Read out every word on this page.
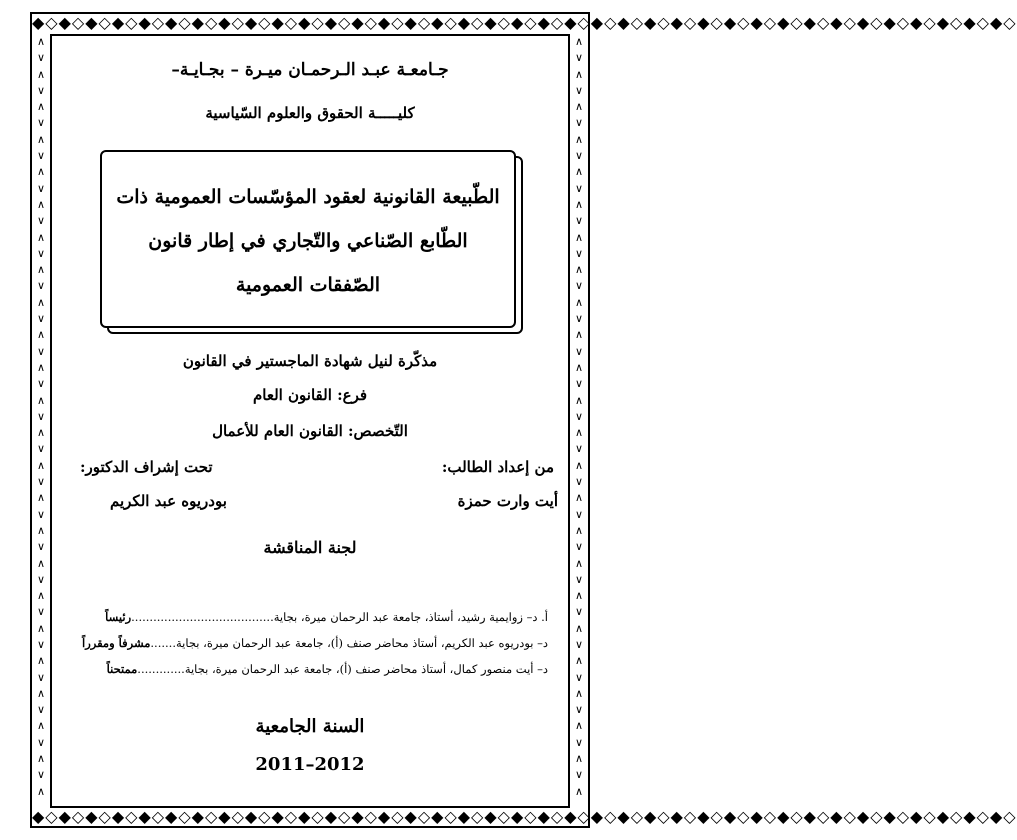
◆◇◆◇◆◇◆◇◆◇◆◇◆◇◆◇◆◇◆◇◆◇◆◇◆◇◆◇◆◇◆◇◆◇◆◇◆◇◆◇◆◇◆◇◆◇◆◇◆◇◆◇◆◇◆◇◆◇◆◇◆◇◆◇◆◇◆◇◆◇◆◇◆◇
◆◇◆◇◆◇◆◇◆◇◆◇◆◇◆◇◆◇◆◇◆◇◆◇◆◇◆◇◆◇◆◇◆◇◆◇◆◇◆◇◆◇◆◇◆◇◆◇◆◇◆◇◆◇◆◇◆◇◆◇◆◇◆◇◆◇◆◇◆◇◆◇◆◇
∧
∨
∧
∨
∧
∨
∧
∨
∧
∨
∧
∨
∧
∨
∧
∨
∧
∨
∧
∨
∧
∨
∧
∨
∧
∨
∧
∨
∧
∨
∧
∨
∧
∨
∧
∨
∧
∨
∧
∨
∧
∨
∧
∨
∧
∨
∧
∧
∨
∧
∨
∧
∨
∧
∨
∧
∨
∧
∨
∧
∨
∧
∨
∧
∨
∧
∨
∧
∨
∧
∨
∧
∨
∧
∨
∧
∨
∧
∨
∧
∨
∧
∨
∧
∨
∧
∨
∧
∨
∧
∨
∧
∨
∧
جـامعـة عبـد الـرحمـان ميـرة – بجـايـة–
كليـــــة الحقوق والعلوم السّياسية
الطّبيعة القانونية لعقود المؤسّسات العمومية ذات
الطّابع الصّناعي والتّجاري في إطار قانون
الصّفقات العمومية
مذكّرة لنيل شهادة الماجستير في القانون
فرع: القانون العام
التّخصص: القانون العام للأعمال
من إعداد الطالب:
تحت إشراف الدكتور:
أيت وارت حمزة
بودريوه عبد الكريم
لجنة المناقشة
أ. د– زوايمية رشيد، أستاذ، جامعة عبد الرحمان ميرة، بجاية.......................................رئيساً
د– بودريوه عبد الكريم، أستاذ محاضر صنف (أ)، جامعة عبد الرحمان ميرة، بجاية.......مشرفاً ومقرراً
د– أيت منصور كمال، أستاذ محاضر صنف (أ)، جامعة عبد الرحمان ميرة، بجاية.............ممتحناً
السنة الجامعية
2011–2012
